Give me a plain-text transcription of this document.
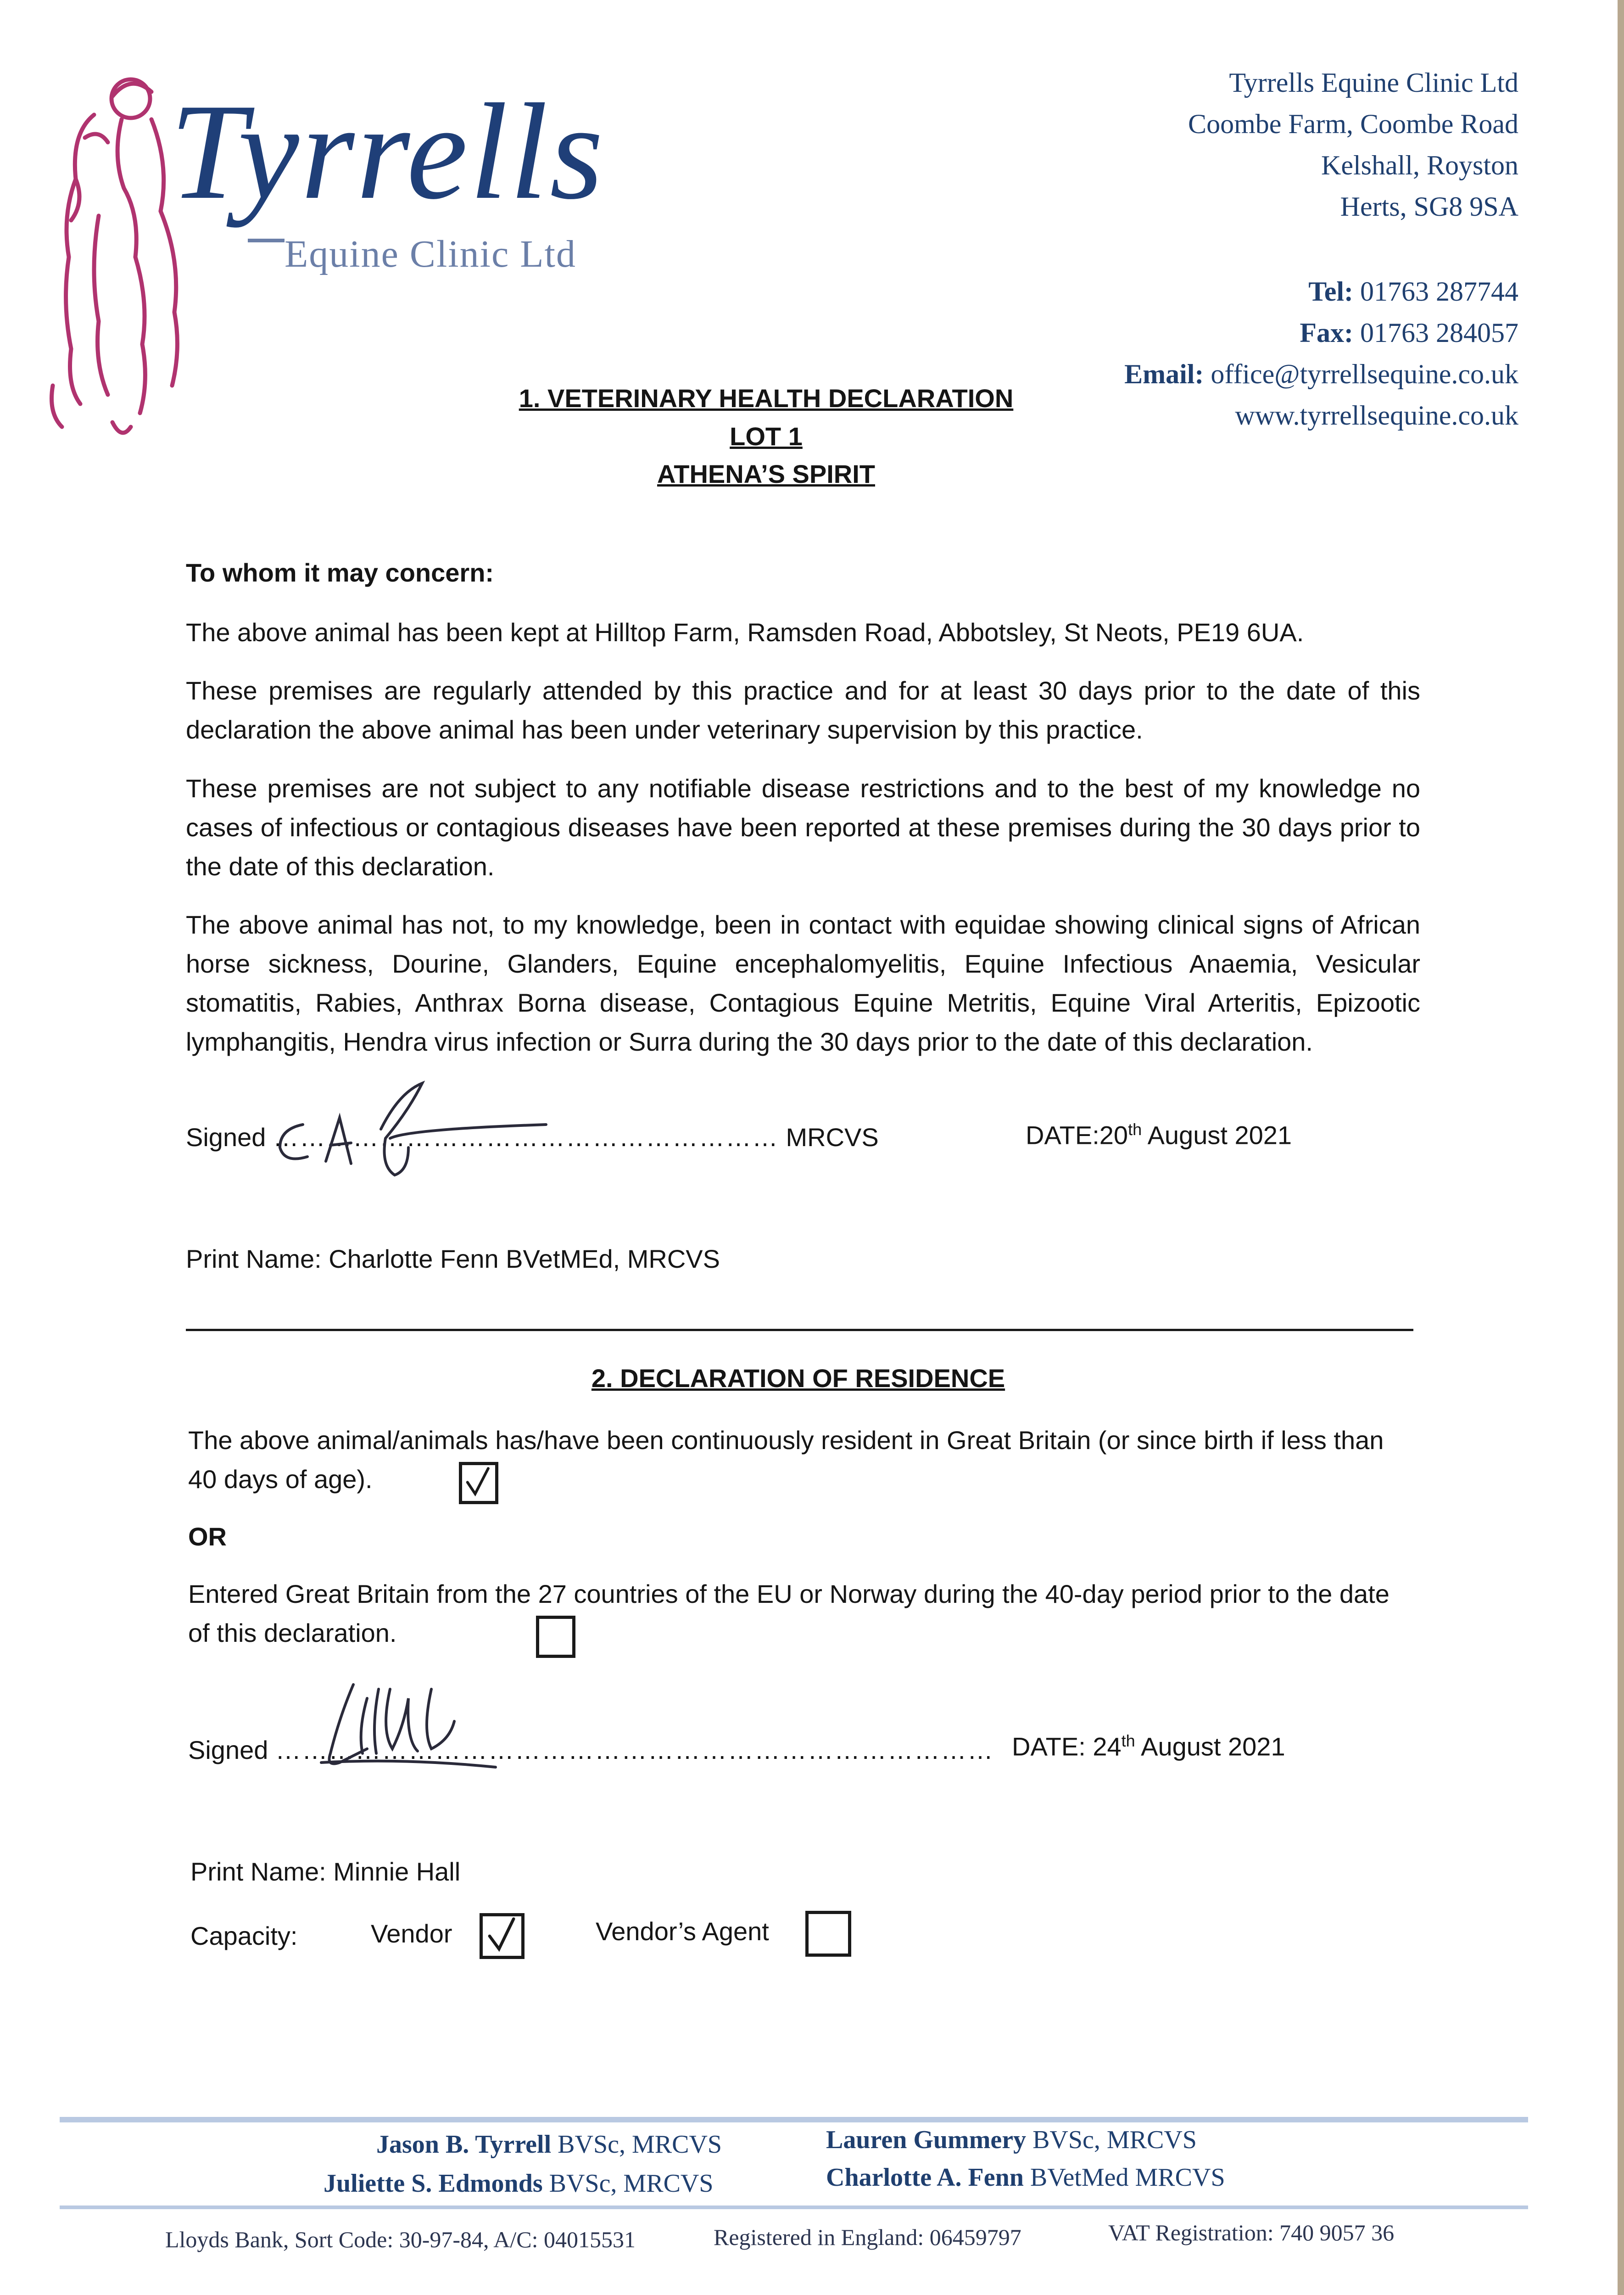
Tyrrells
Equine Clinic Ltd
Tyrrells Equine Clinic Ltd
Coombe Farm, Coombe Road
Kelshall, Royston
Herts, SG8 9SA
Tel: 01763 287744
Fax: 01763 284057
Email: office@tyrrellsequine.co.uk
www.tyrrellsequine.co.uk
1. VETERINARY HEALTH DECLARATION
LOT 1
ATHENA’S SPIRIT
To whom it may concern:
The above animal has been kept at Hilltop Farm, Ramsden Road, Abbotsley, St Neots, PE19 6UA.
These premises are regularly attended by this practice and for at least 30 days prior to the date of this declaration the above animal has been under veterinary supervision by this practice.
These premises are not subject to any notifiable disease restrictions and to the best of my knowledge no cases of infectious or contagious diseases have been reported at these premises during the 30 days prior to the date of this declaration.
The above animal has not, to my knowledge, been in contact with equidae showing clinical signs of African horse sickness, Dourine, Glanders, Equine encephalomyelitis, Equine Infectious Anaemia, Vesicular stomatitis, Rabies, Anthrax Borna disease, Contagious Equine Metritis, Equine Viral Arteritis, Epizootic lymphangitis, Hendra virus infection or Surra during the 30 days prior to the date of this declaration.
Signed ………………………………………………… MRCVS	DATE:20th August 2021
Print Name: Charlotte Fenn BVetMEd, MRCVS
2. DECLARATION OF RESIDENCE
The above animal/animals has/have been continuously resident in Great Britain (or since birth if less than 40 days of age).
OR
Entered Great Britain from the 27 countries of the EU or Norway during the 40-day period prior to the date of this declaration.
Signed ……………………………………………………………………… DATE: 24th August 2021
Print Name: Minnie Hall
Capacity:	Vendor	Vendor’s Agent
Jason B. Tyrrell BVSc, MRCVS	Lauren Gummery BVSc, MRCVS
Juliette S. Edmonds BVSc, MRCVS	Charlotte A. Fenn BVetMed MRCVS
Lloyds Bank, Sort Code: 30-97-84, A/C: 04015531	Registered in England: 06459797	VAT Registration: 740 9057 36
